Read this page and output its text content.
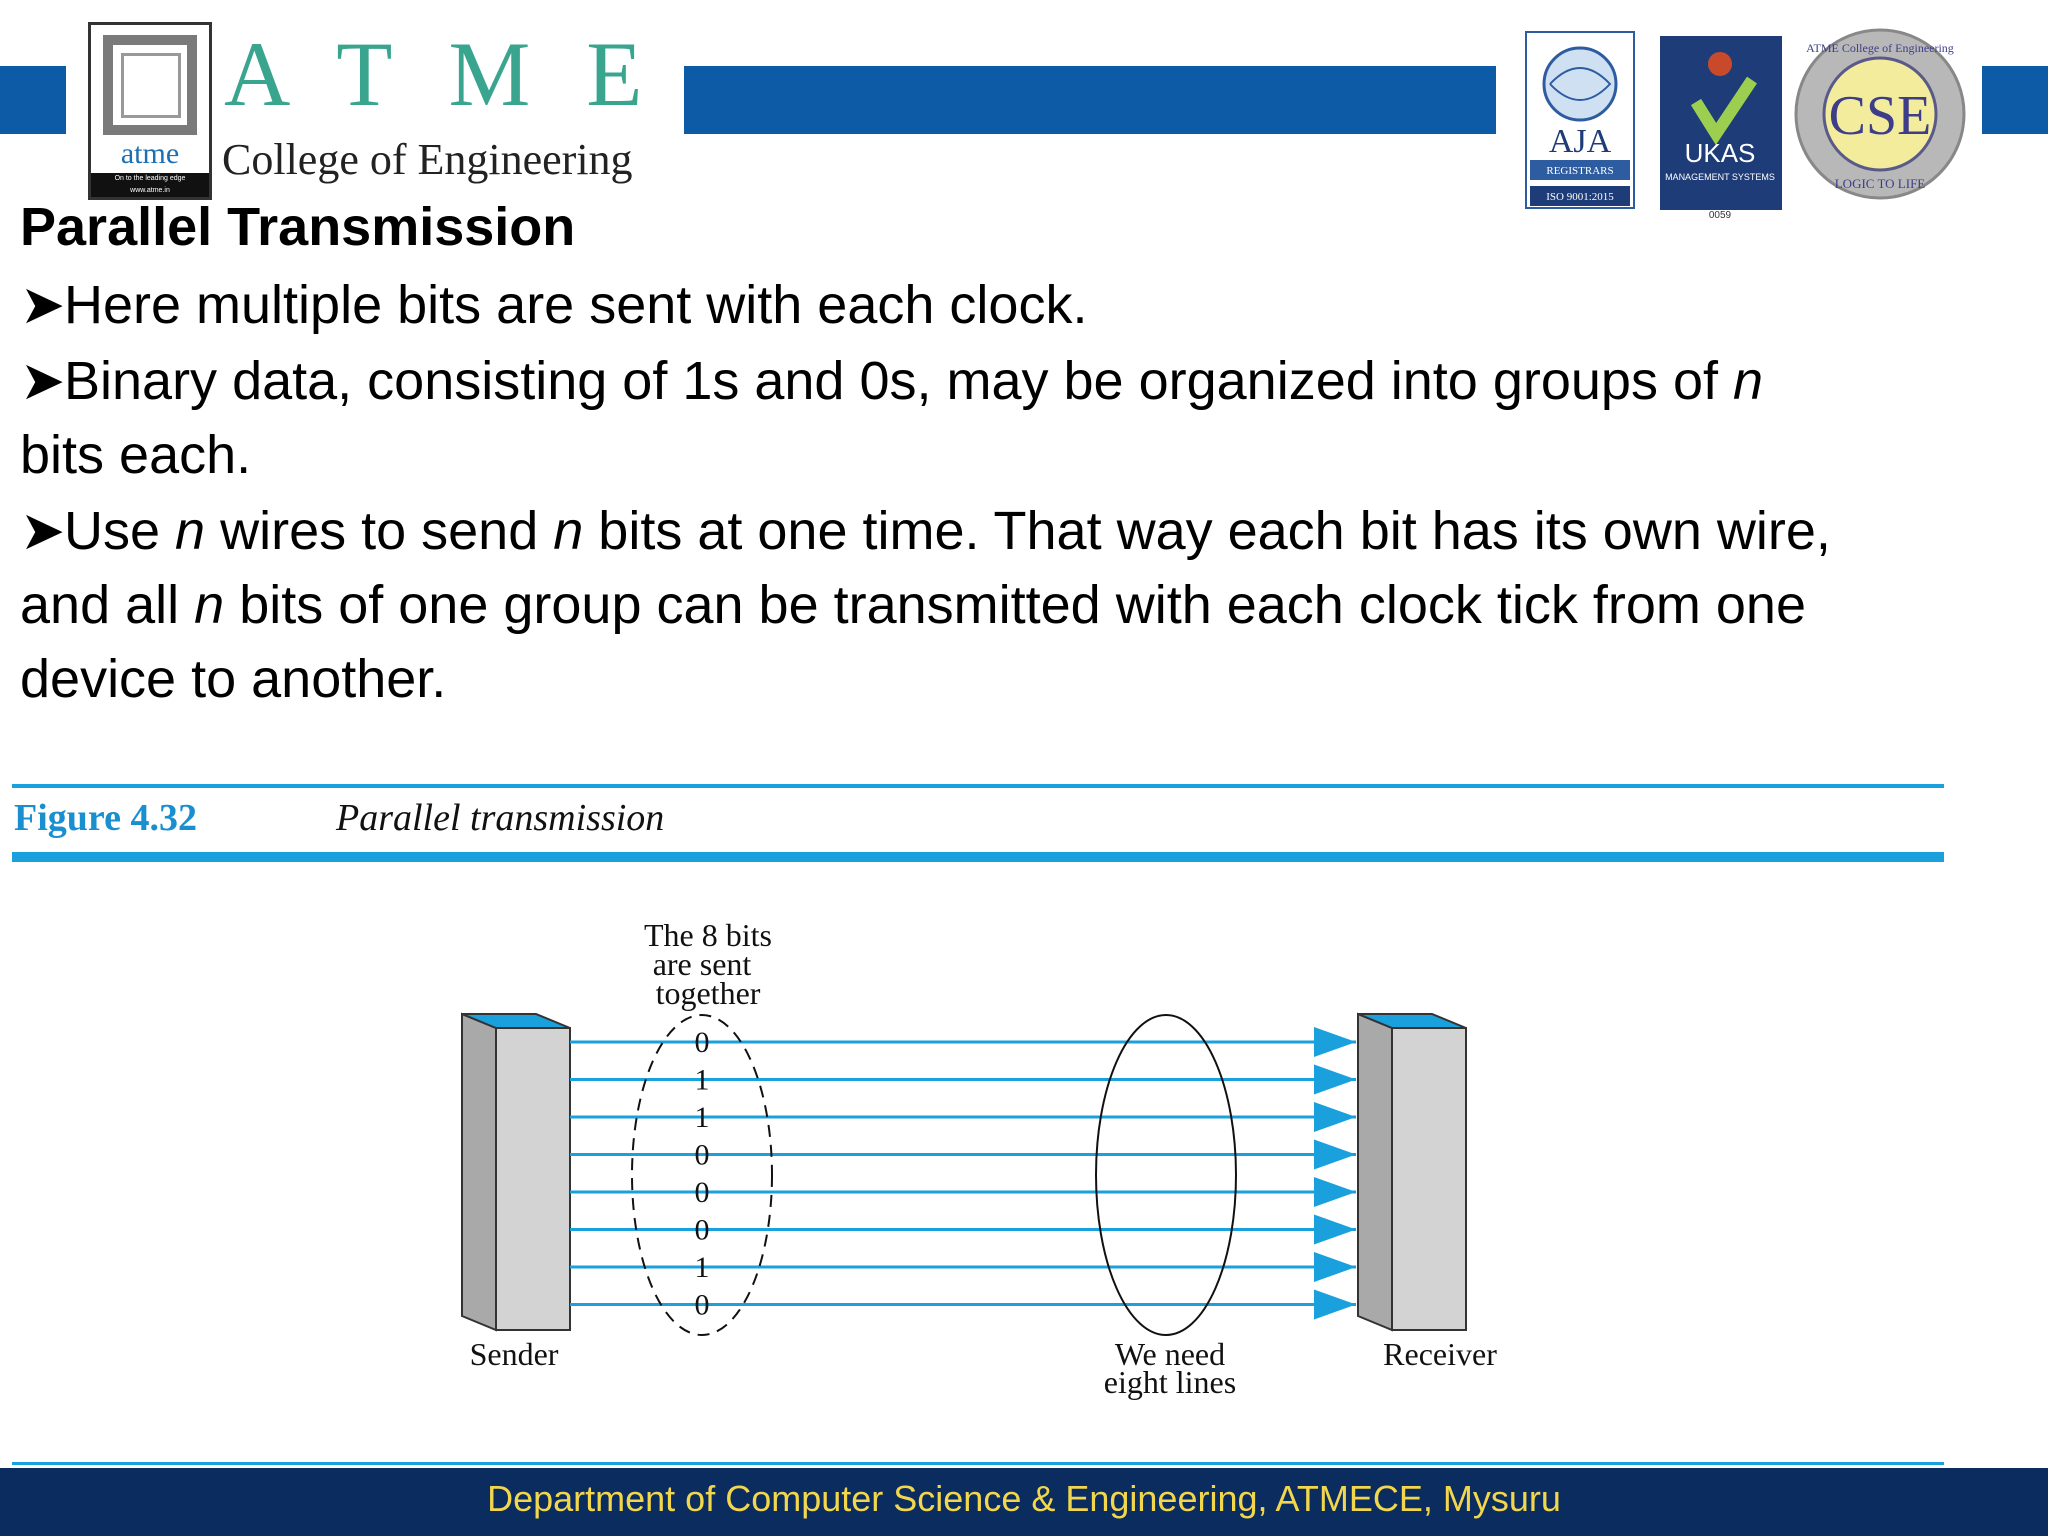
atme
On to the leading edge
www.atme.in
ATME
College of Engineering	AJA
REGISTRARS
ISO 9001:2015
UKAS
MANAGEMENT SYSTEMS
0059
CSE
ATME College of Engineering
LOGIC TO LIFE
Parallel Transmission
➤Here multiple bits are sent with each clock.
➤Binary data, consisting of 1s and 0s, may be organized into groups of n
bits each.
➤Use n wires to send n bits at one time. That way each bit has its own wire,
and all n bits of one group can be transmitted with each clock tick from one
device to another.
Figure 4.32	Parallel transmission
The 8 bits
are sent
together
0
1
1
0
0
0
1
0
Sender	We need
eight lines
Receiver
Department of Computer Science & Engineering, ATMECE, Mysuru
